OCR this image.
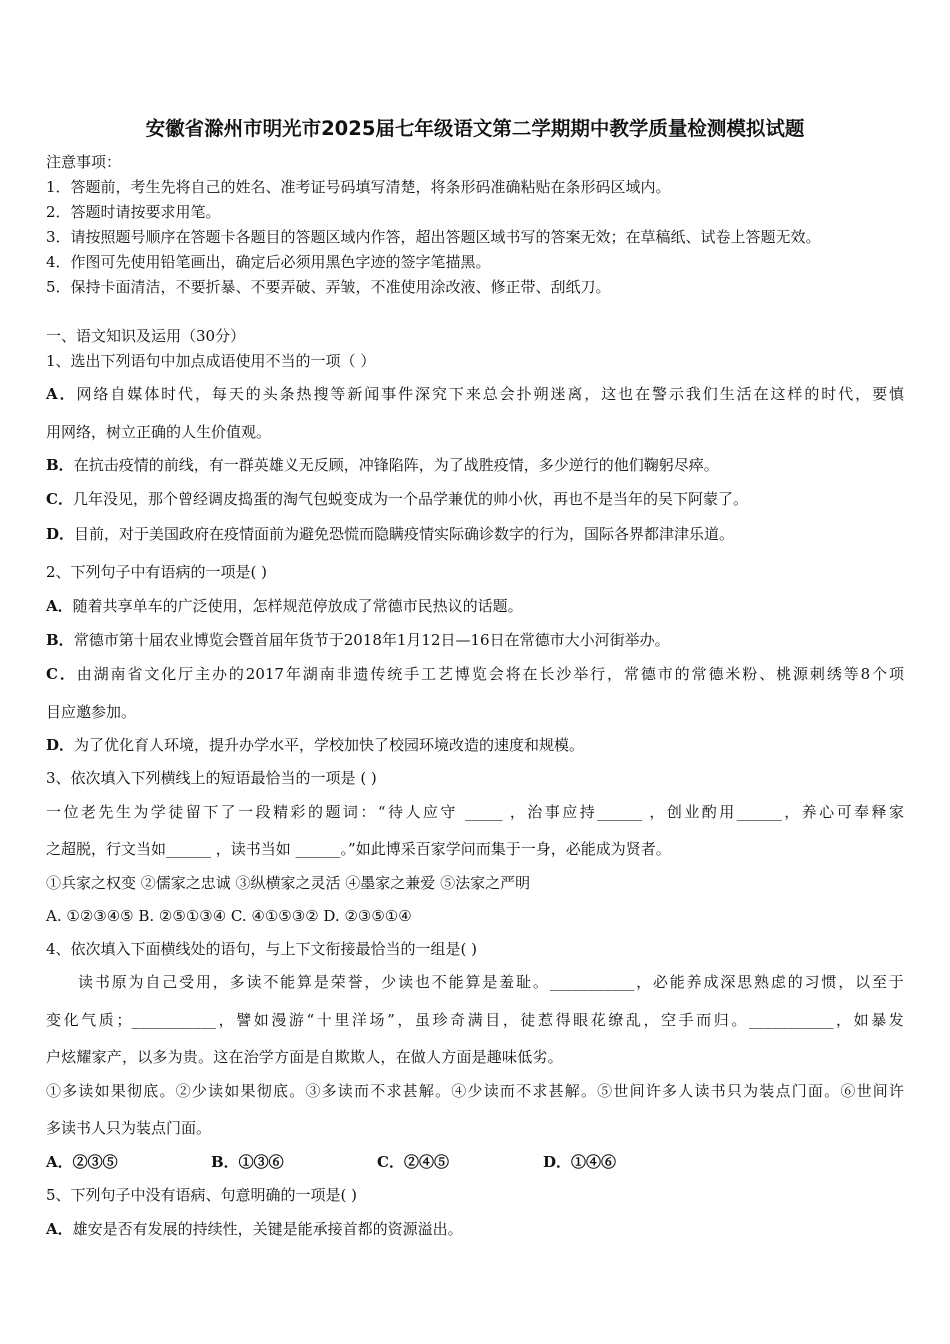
安徽省滁州市明光市2025届七年级语文第二学期期中教学质量检测模拟试题
注意事项：
1．答题前，考生先将自己的姓名、准考证号码填写清楚，将条形码准确粘贴在条形码区域内。
2．答题时请按要求用笔。
3．请按照题号顺序在答题卡各题目的答题区域内作答，超出答题区域书写的答案无效；在草稿纸、试卷上答题无效。
4．作图可先使用铅笔画出，确定后必须用黑色字迹的签字笔描黑。
5．保持卡面清洁，不要折暴、不要弄破、弄皱，不准使用涂改液、修正带、刮纸刀。
一、语文知识及运用（30分）
1、选出下列语句中加点成语使用不当的一项（ ）
A．网络自媒体时代，每天的头条热搜等新闻事件深究下来总会扑朔迷离，这也在警示我们生活在这样的时代，要慎
用网络，树立正确的人生价值观。
B．在抗击疫情的前线，有一群英雄义无反顾，冲锋陷阵，为了战胜疫情，多少逆行的他们鞠躬尽瘁。
C．几年没见，那个曾经调皮捣蛋的淘气包蜕变成为一个品学兼优的帅小伙，再也不是当年的吴下阿蒙了。
D．目前，对于美国政府在疫情面前为避免恐慌而隐瞒疫情实际确诊数字的行为，国际各界都津津乐道。
2、下列句子中有语病的一项是( )
A．随着共享单车的广泛使用，怎样规范停放成了常德市民热议的话题。
B．常德市第十届农业博览会暨首届年货节于2018年1月12日—16日在常德市大小河街举办。
C．由湖南省文化厅主办的2017年湖南非遗传统手工艺博览会将在长沙举行，常德市的常德米粉、桃源刺绣等8个项
目应邀参加。
D．为了优化育人环境，提升办学水平，学校加快了校园环境改造的速度和规模。
3、依次填入下列横线上的短语最恰当的一项是 ( )
一位老先生为学徒留下了一段精彩的题词：“待人应守 _____ ，治事应持______ ，创业酌用______，养心可奉释家
之超脱，行文当如______ ，读书当如 ______。”如此博采百家学问而集于一身，必能成为贤者。
①兵家之权变 ②儒家之忠诚 ③纵横家之灵活 ④墨家之兼爱 ⑤法家之严明
A. ①②③④⑤ B. ②⑤①③④ C. ④①⑤③② D. ②③⑤①④
4、依次填入下面横线处的语句，与上下文衔接最恰当的一组是( )
读书原为自己受用，多读不能算是荣誉，少读也不能算是羞耻。___________，必能养成深思熟虑的习惯，以至于
变化气质；___________，譬如漫游“十里洋场”，虽珍奇满目，徒惹得眼花缭乱，空手而归。___________，如暴发
户炫耀家产，以多为贵。这在治学方面是自欺欺人，在做人方面是趣味低劣。
①多读如果彻底。②少读如果彻底。③多读而不求甚解。④少读而不求甚解。⑤世间许多人读书只为装点门面。⑥世间许
多读书人只为装点门面。
A．②③⑤	B．①③⑥	C．②④⑤	D．①④⑥
5、下列句子中没有语病、句意明确的一项是( )
A．雄安是否有发展的持续性，关键是能承接首都的资源溢出。
